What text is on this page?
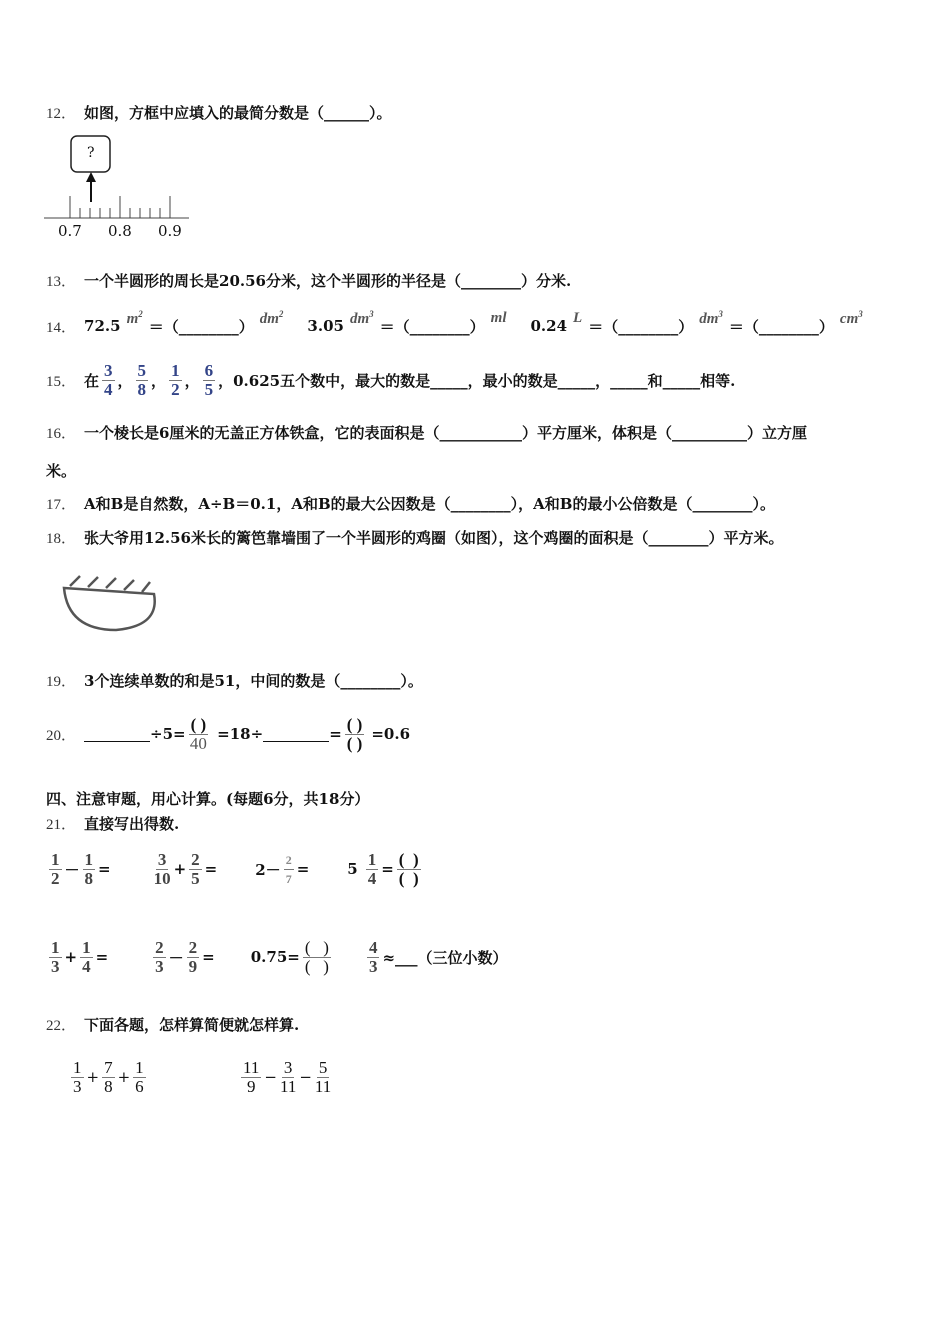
12． 如图，方框中应填入的最简分数是（______）。
?
0.7 0.8 0.9
13． 一个半圆形的周长是20.56分米，这个半圆形的半径是（________）分米.
14． 72.5 $m^2$
＝（________） $dm^2$
3.05 $dm^3$
＝（________） ml 0.24 L ＝（________） $dm^3$
＝（________） $cm^3$
15． 在
3
4 ，
5
8 ，
1
2 ，
6
5 ， 0.625五个数中，最大的数是_____，最小的数是_____，_____和_____相等.
16． 一个棱长是6厘米的无盖正方体铁盒，它的表面积是（___________）平方厘米，体积是（__________）立方厘
米。
17． A和B是自然数，A÷B＝0.1，A和B的最大公因数是（________），A和B的最小公倍数是（________）。
18． 张大爷用12.56米长的篱笆靠墙围了一个半圆形的鸡圈（如图），这个鸡圈的面积是（________）平方米。
19． 3个连续单数的和是51，中间的数是（________）。
20．	÷5=
( )
40 =18÷	=
( )
( ) =0.6
四、注意审题，用心计算。(每题6分，共18分）
21． 直接写出得数.
1
$2 - \frac{1}{8}$ =
3
$10 + \frac{2}{5}$ =	$2- \frac{2}{7}$ =	$5 \frac{1}{4}$ =
(  )
(  )
1
$3 + \frac{1}{4}$ =
2
$3 - \frac{2}{9} = 0.75=$
(   )
(   ) $\frac{4}{3}$ ≈___（三位小数）
22． 下面各题，怎样算简便就怎样算.
1
3 +
7
8 +
1
6
11
9 −
3
11 −
5
11
